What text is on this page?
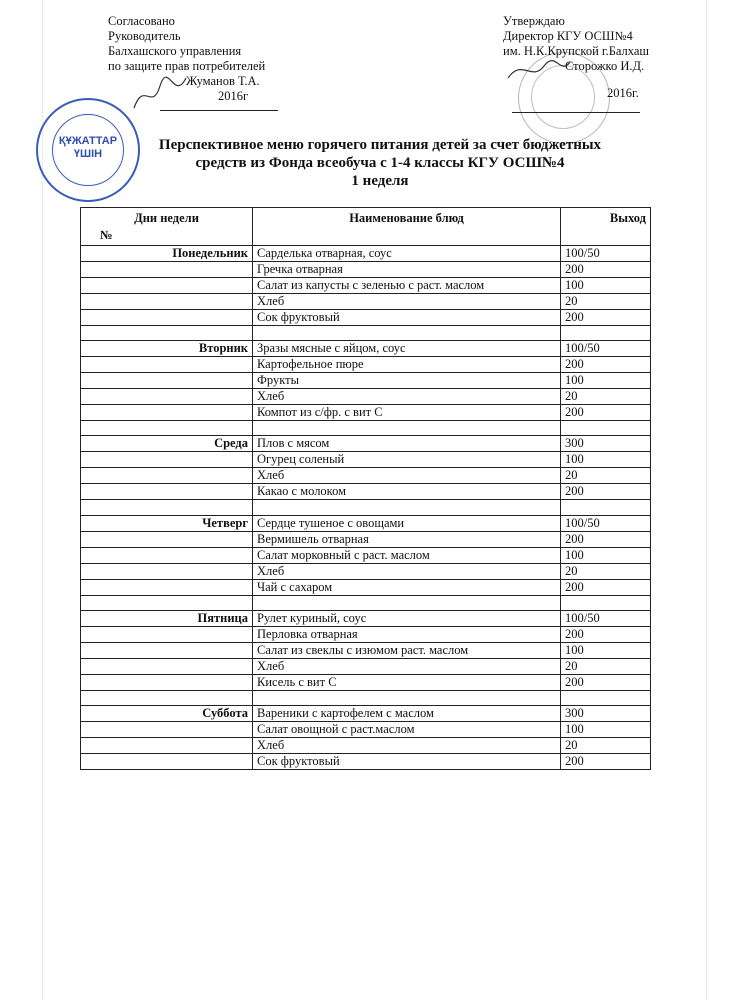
Согласовано
Руководитель
Балхашского управления
по защите прав потребителей
Жуманов Т.А.
2016г
Утверждаю
Директор КГУ ОСШ№4
им. Н.К.Крупской г.Балхаш
Сторожко И.Д.
2016г.
ҚҰЖАТТАР
ҮШІН
Перспективное меню горячего питания детей за счет бюджетных
средств из Фонда всеобуча с 1-4 классы КГУ ОСШ№4
1 неделя
Дни недели	Наименование блюд	Выход
Понедельник	Сарделька отварная, соус	100/50
	Гречка отварная	200
	Салат из капусты с зеленью с раст. маслом	100
	Хлеб	20
	Сок фруктовый	200

Вторник	Зразы мясные с яйцом, соус	100/50
	Картофельное пюре	200
	Фрукты	100
	Хлеб	20
	Компот из с/фр. с вит С	200

Среда	Плов с мясом	300
	Огурец соленый	100
	Хлеб	20
	Какао с молоком	200

Четверг	Сердце тушеное с овощами	100/50
	Вермишель отварная	200
	Салат морковный с раст. маслом	100
	Хлеб	20
	Чай с сахаром	200

Пятница	Рулет куриный, соус	100/50
	Перловка отварная	200
	Салат из свеклы с изюмом раст. маслом	100
	Хлеб	20
	Кисель с вит С	200

Суббота	Вареники с картофелем с маслом	300
	Салат овощной с раст.маслом	100
	Хлеб	20
	Сок фруктовый	200
№
